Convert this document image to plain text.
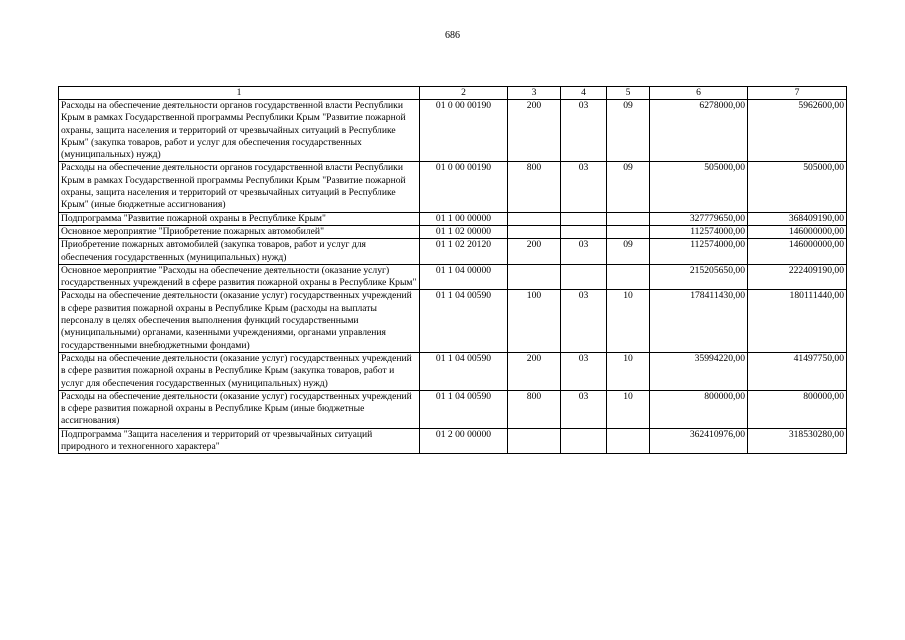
686
1	2	3	4	5	6	7
Расходы на обеспечение деятельности органов государственной власти Республики Крым в рамках Государственной программы Республики Крым "Развитие пожарной охраны, защита населения и территорий от чрезвычайных ситуаций в Республике Крым" (закупка товаров, работ и услуг для обеспечения государственных (муниципальных) нужд)	01 0 00 00190	200	03	09	6278000,00	5962600,00
Расходы на обеспечение деятельности органов государственной власти Республики Крым в рамках Государственной программы Республики Крым "Развитие пожарной охраны, защита населения и территорий от чрезвычайных ситуаций в Республике Крым" (иные бюджетные ассигнования)	01 0 00 00190	800	03	09	505000,00	505000,00
Подпрограмма "Развитие пожарной охраны в Республике Крым"	01 1 00 00000				327779650,00	368409190,00
Основное мероприятие "Приобретение пожарных автомобилей"	01 1 02 00000				112574000,00	146000000,00
Приобретение пожарных автомобилей (закупка товаров, работ и услуг для обеспечения государственных (муниципальных) нужд)	01 1 02 20120	200	03	09	112574000,00	146000000,00
Основное мероприятие "Расходы на обеспечение деятельности (оказание услуг) государственных учреждений в сфере развития пожарной охраны в Республике Крым"	01 1 04 00000				215205650,00	222409190,00
Расходы на обеспечение деятельности (оказание услуг) государственных учреждений в сфере развития пожарной охраны в Республике Крым (расходы на выплаты персоналу в целях обеспечения выполнения функций государственными (муниципальными) органами, казенными учреждениями, органами управления государственными внебюджетными фондами)	01 1 04 00590	100	03	10	178411430,00	180111440,00
Расходы на обеспечение деятельности (оказание услуг) государственных учреждений в сфере развития пожарной охраны в Республике Крым (закупка товаров, работ и услуг для обеспечения государственных (муниципальных) нужд)	01 1 04 00590	200	03	10	35994220,00	41497750,00
Расходы на обеспечение деятельности (оказание услуг) государственных учреждений в сфере развития пожарной охраны в Республике Крым (иные бюджетные ассигнования)	01 1 04 00590	800	03	10	800000,00	800000,00
Подпрограмма "Защита населения и территорий от чрезвычайных ситуаций природного и техногенного характера"	01 2 00 00000				362410976,00	318530280,00
